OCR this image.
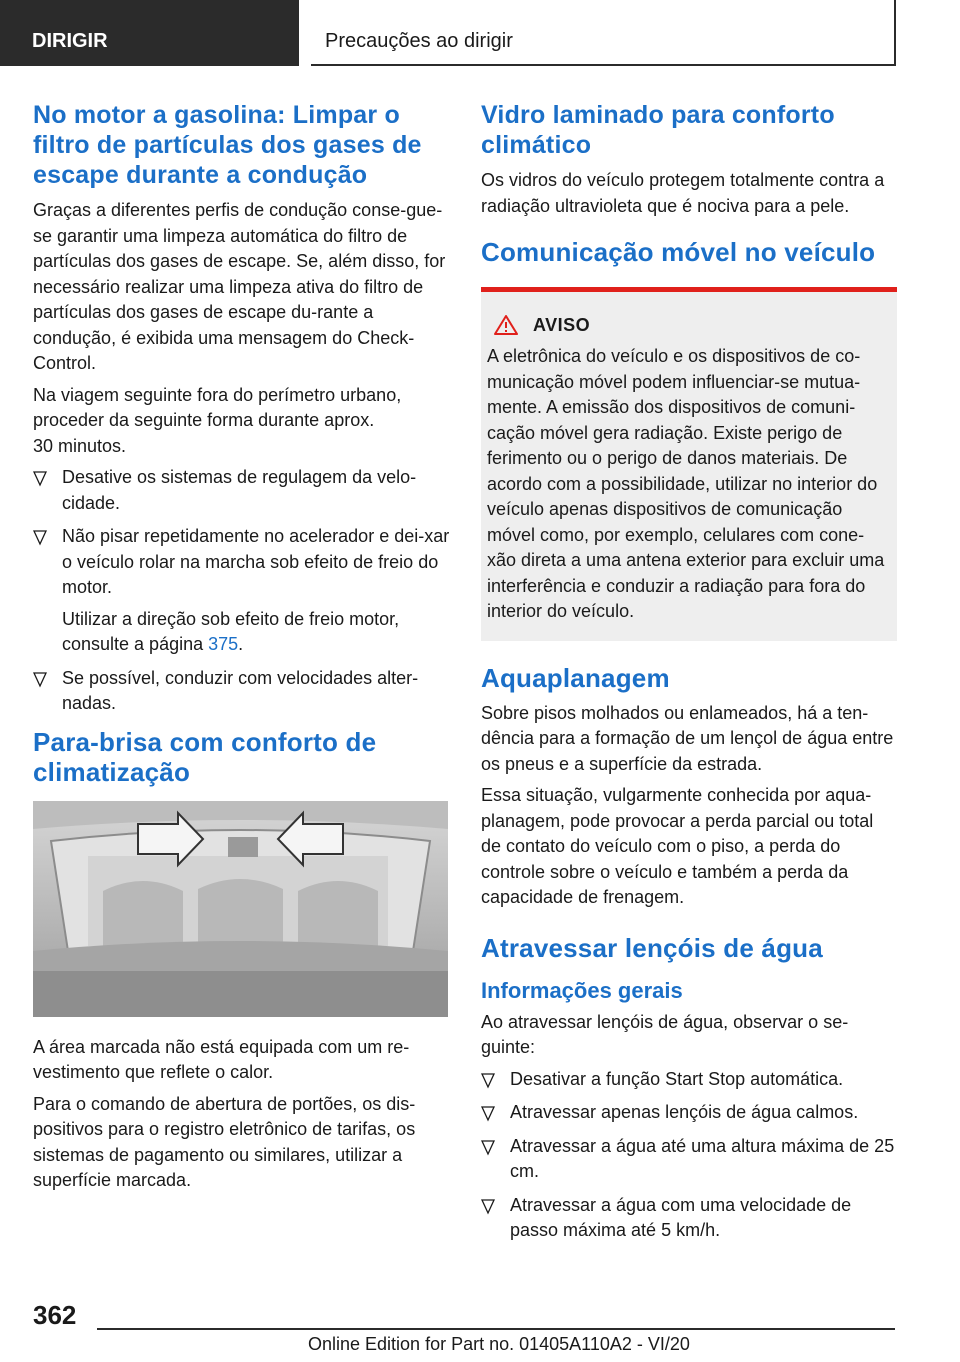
DIRIGIR	Precauções ao dirigir
No motor a gasolina: Limpar o filtro de partículas dos gases de escape durante a condução

Graças a diferentes perfis de condução conse-gue-se garantir uma limpeza automática do filtro de partículas dos gases de escape. Se, além disso, for necessário realizar uma limpeza ativa do filtro de partículas dos gases de escape du-rante a condução, é exibida uma mensagem do Check-Control.

Na viagem seguinte fora do perímetro urbano, proceder da seguinte forma durante aprox.
30 minutos.

Desative os sistemas de regulagem da velo-cidade.
Não pisar repetidamente no acelerador e dei-xar o veículo rolar na marcha sob efeito de freio do motor.
Utilizar a direção sob efeito de freio motor, consulte a página 375.
Se possível, conduzir com velocidades alter-nadas.
Para-brisa com conforto de climatização

A área marcada não está equipada com um re-vestimento que reflete o calor.

Para o comando de abertura de portões, os dis-positivos para o registro eletrônico de tarifas, os sistemas de pagamento ou similares, utilizar a superfície marcada.

Vidro laminado para conforto climático

Os vidros do veículo protegem totalmente contra a radiação ultravioleta que é nociva para a pele.

Comunicação móvel no veículo
AVISO

A eletrônica do veículo e os dispositivos de co-municação móvel podem influenciar-se mutua-mente. A emissão dos dispositivos de comuni-cação móvel gera radiação. Existe perigo de ferimento ou o perigo de danos materiais. De acordo com a possibilidade, utilizar no interior do veículo apenas dispositivos de comunicação móvel como, por exemplo, celulares com cone-xão direta a uma antena exterior para excluir uma interferência e conduzir a radiação para fora do interior do veículo.

Aquaplanagem

Sobre pisos molhados ou enlameados, há a ten-dência para a formação de um lençol de água entre os pneus e a superfície da estrada.

Essa situação, vulgarmente conhecida por aqua-planagem, pode provocar a perda parcial ou total de contato do veículo com o piso, a perda do controle sobre o veículo e também a perda da capacidade de frenagem.

Atravessar lençóis de água
Informações gerais

Ao atravessar lençóis de água, observar o se-guinte:

Desativar a função Start Stop automática.
Atravessar apenas lençóis de água calmos.
Atravessar a água até uma altura máxima de 25 cm.
Atravessar a água com uma velocidade de passo máxima até 5 km/h.
362
Online Edition for Part no. 01405A110A2 - VI/20
